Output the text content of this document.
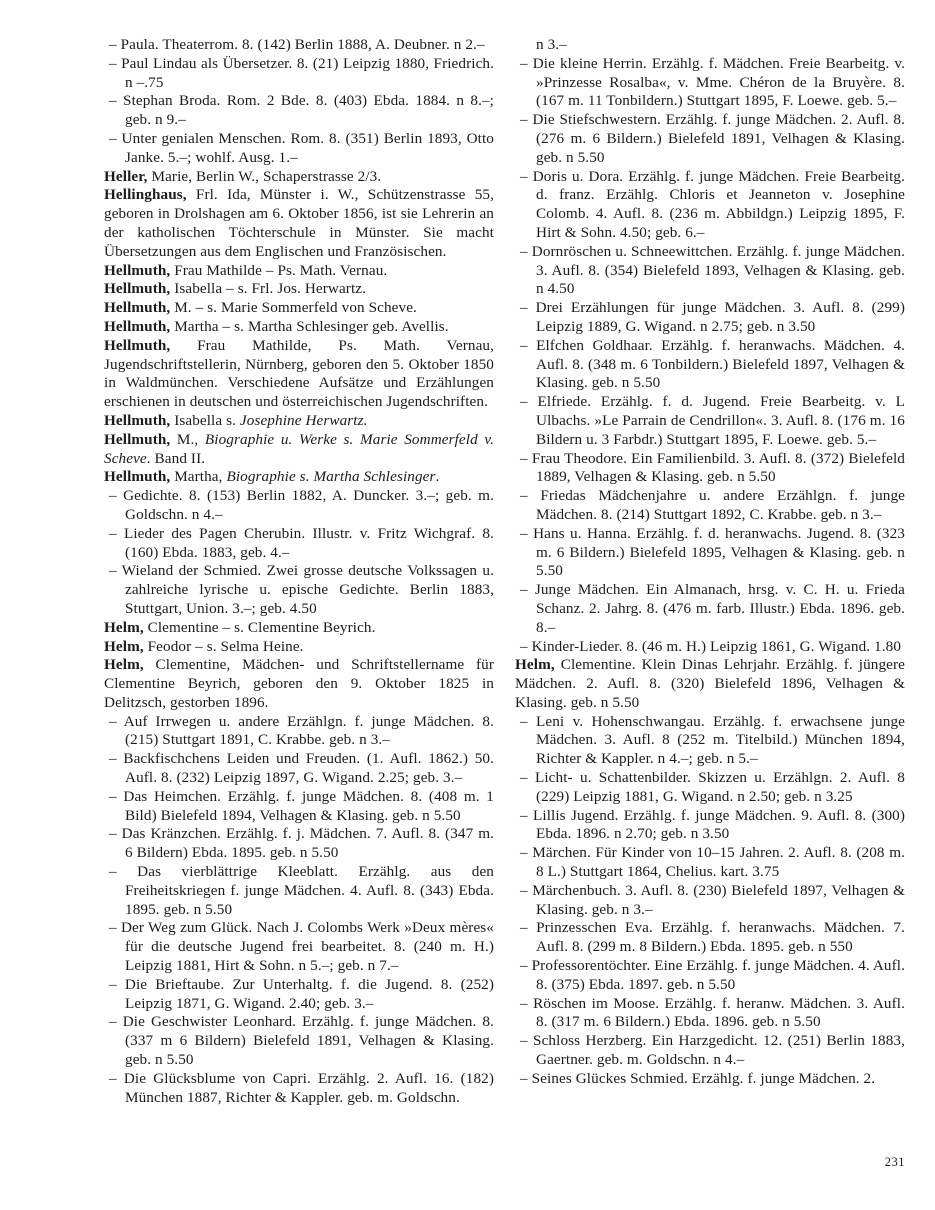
– Paula. Theaterrom. 8. (142) Berlin 1888, A. Deubner. n 2.–

– Paul Lindau als Übersetzer. 8. (21) Leipzig 1880, Friedrich. n –.75

– Stephan Broda. Rom. 2 Bde. 8. (403) Ebda. 1884. n 8.–; geb. n 9.–

– Unter genialen Menschen. Rom. 8. (351) Berlin 1893, Otto Janke. 5.–; wohlf. Ausg. 1.–

Heller, Marie, Berlin W., Schaperstrasse 2/3.

Hellinghaus, Frl. Ida, Münster i. W., Schützenstrasse 55, geboren in Drolshagen am 6. Oktober 1856, ist sie Lehrerin an der katholischen Töchterschule in Münster. Sie macht Übersetzungen aus dem Englischen und Französischen.

Hellmuth, Frau Mathilde – Ps. Math. Vernau.

Hellmuth, Isabella – s. Frl. Jos. Herwartz.

Hellmuth, M. – s. Marie Sommerfeld von Scheve.

Hellmuth, Martha – s. Martha Schlesinger geb. Avellis.

Hellmuth, Frau Mathilde, Ps. Math. Vernau, Jugendschriftstellerin, Nürnberg, geboren den 5. Oktober 1850 in Waldmünchen. Verschiedene Aufsätze und Erzählungen erschienen in deutschen und österreichischen Jugendschriften.

Hellmuth, Isabella s. Josephine Herwartz.

Hellmuth, M., Biographie u. Werke s. Marie Sommerfeld v. Scheve. Band II.

Hellmuth, Martha, Biographie s. Martha Schlesinger.

– Gedichte. 8. (153) Berlin 1882, A. Duncker. 3.–; geb. m. Goldschn. n 4.–

– Lieder des Pagen Cherubin. Illustr. v. Fritz Wichgraf. 8. (160) Ebda. 1883, geb. 4.–

– Wieland der Schmied. Zwei grosse deutsche Volkssagen u. zahlreiche lyrische u. epische Gedichte. Berlin 1883, Stuttgart, Union. 3.–; geb. 4.50

Helm, Clementine – s. Clementine Beyrich.

Helm, Feodor – s. Selma Heine.

Helm, Clementine, Mädchen- und Schriftstellername für Clementine Beyrich, geboren den 9. Oktober 1825 in Delitzsch, gestorben 1896.

– Auf Irrwegen u. andere Erzählgn. f. junge Mädchen. 8. (215) Stuttgart 1891, C. Krabbe. geb. n 3.–

– Backfischchens Leiden und Freuden. (1. Aufl. 1862.) 50. Aufl. 8. (232) Leipzig 1897, G. Wigand. 2.25; geb. 3.–

– Das Heimchen. Erzählg. f. junge Mädchen. 8. (408 m. 1 Bild) Bielefeld 1894, Velhagen & Klasing. geb. n 5.50

– Das Kränzchen. Erzählg. f. j. Mädchen. 7. Aufl. 8. (347 m. 6 Bildern) Ebda. 1895. geb. n 5.50

– Das vierblättrige Kleeblatt. Erzählg. aus den Freiheitskriegen f. junge Mädchen. 4. Aufl. 8. (343) Ebda. 1895. geb. n 5.50

– Der Weg zum Glück. Nach J. Colombs Werk »Deux mères« für die deutsche Jugend frei bearbeitet. 8. (240 m. H.) Leipzig 1881, Hirt & Sohn. n 5.–; geb. n 7.–

– Die Brieftaube. Zur Unterhaltg. f. die Jugend. 8. (252) Leipzig 1871, G. Wigand. 2.40; geb. 3.–

– Die Geschwister Leonhard. Erzählg. f. junge Mädchen. 8. (337 m 6 Bildern) Bielefeld 1891, Velhagen & Klasing. geb. n 5.50

– Die Glücksblume von Capri. Erzählg. 2. Aufl. 16. (182) München 1887, Richter & Kappler. geb. m. Goldschn.

n 3.–

– Die kleine Herrin. Erzählg. f. Mädchen. Freie Bearbeitg. v. »Prinzesse Rosalba«, v. Mme. Chéron de la Bruyère. 8. (167 m. 11 Tonbildern.) Stuttgart 1895, F. Loewe. geb. 5.–

– Die Stiefschwestern. Erzählg. f. junge Mädchen. 2. Aufl. 8. (276 m. 6 Bildern.) Bielefeld 1891, Velhagen & Klasing. geb. n 5.50

– Doris u. Dora. Erzählg. f. junge Mädchen. Freie Bearbeitg. d. franz. Erzählg. Chloris et Jeanneton v. Josephine Colomb. 4. Aufl. 8. (236 m. Abbildgn.) Leipzig 1895, F. Hirt & Sohn. 4.50; geb. 6.–

– Dornröschen u. Schneewittchen. Erzählg. f. junge Mädchen. 3. Aufl. 8. (354) Bielefeld 1893, Velhagen & Klasing. geb. n 4.50

– Drei Erzählungen für junge Mädchen. 3. Aufl. 8. (299) Leipzig 1889, G. Wigand. n 2.75; geb. n 3.50

– Elfchen Goldhaar. Erzählg. f. heranwachs. Mädchen. 4. Aufl. 8. (348 m. 6 Tonbildern.) Bielefeld 1897, Velhagen & Klasing. geb. n 5.50

– Elfriede. Erzählg. f. d. Jugend. Freie Bearbeitg. v. L Ulbachs. »Le Parrain de Cendrillon«. 3. Aufl. 8. (176 m. 16 Bildern u. 3 Farbdr.) Stuttgart 1895, F. Loewe. geb. 5.–

– Frau Theodore. Ein Familienbild. 3. Aufl. 8. (372) Bielefeld 1889, Velhagen & Klasing. geb. n 5.50

– Friedas Mädchenjahre u. andere Erzählgn. f. junge Mädchen. 8. (214) Stuttgart 1892, C. Krabbe. geb. n 3.–

– Hans u. Hanna. Erzählg. f. d. heranwachs. Jugend. 8. (323 m. 6 Bildern.) Bielefeld 1895, Velhagen & Klasing. geb. n 5.50

– Junge Mädchen. Ein Almanach, hrsg. v. C. H. u. Frieda Schanz. 2. Jahrg. 8. (476 m. farb. Illustr.) Ebda. 1896. geb. 8.–

– Kinder-Lieder. 8. (46 m. H.) Leipzig 1861, G. Wigand. 1.80

Helm, Clementine. Klein Dinas Lehrjahr. Erzählg. f. jüngere Mädchen. 2. Aufl. 8. (320) Bielefeld 1896, Velhagen & Klasing. geb. n 5.50

– Leni v. Hohenschwangau. Erzählg. f. erwachsene junge Mädchen. 3. Aufl. 8 (252 m. Titelbild.) München 1894, Richter & Kappler. n 4.–; geb. n 5.–

– Licht- u. Schattenbilder. Skizzen u. Erzählgn. 2. Aufl. 8 (229) Leipzig 1881, G. Wigand. n 2.50; geb. n 3.25

– Lillis Jugend. Erzählg. f. junge Mädchen. 9. Aufl. 8. (300) Ebda. 1896. n 2.70; geb. n 3.50

– Märchen. Für Kinder von 10–15 Jahren. 2. Aufl. 8. (208 m. 8 L.) Stuttgart 1864, Chelius. kart. 3.75

– Märchenbuch. 3. Aufl. 8. (230) Bielefeld 1897, Velhagen & Klasing. geb. n 3.–

– Prinzesschen Eva. Erzählg. f. heranwachs. Mädchen. 7. Aufl. 8. (299 m. 8 Bildern.) Ebda. 1895. geb. n 550

– Professorentöchter. Eine Erzählg. f. junge Mädchen. 4. Aufl. 8. (375) Ebda. 1897. geb. n 5.50

– Röschen im Moose. Erzählg. f. heranw. Mädchen. 3. Aufl. 8. (317 m. 6 Bildern.) Ebda. 1896. geb. n 5.50

– Schloss Herzberg. Ein Harzgedicht. 12. (251) Berlin 1883, Gaertner. geb. m. Goldschn. n 4.–

– Seines Glückes Schmied. Erzählg. f. junge Mädchen. 2.

231
